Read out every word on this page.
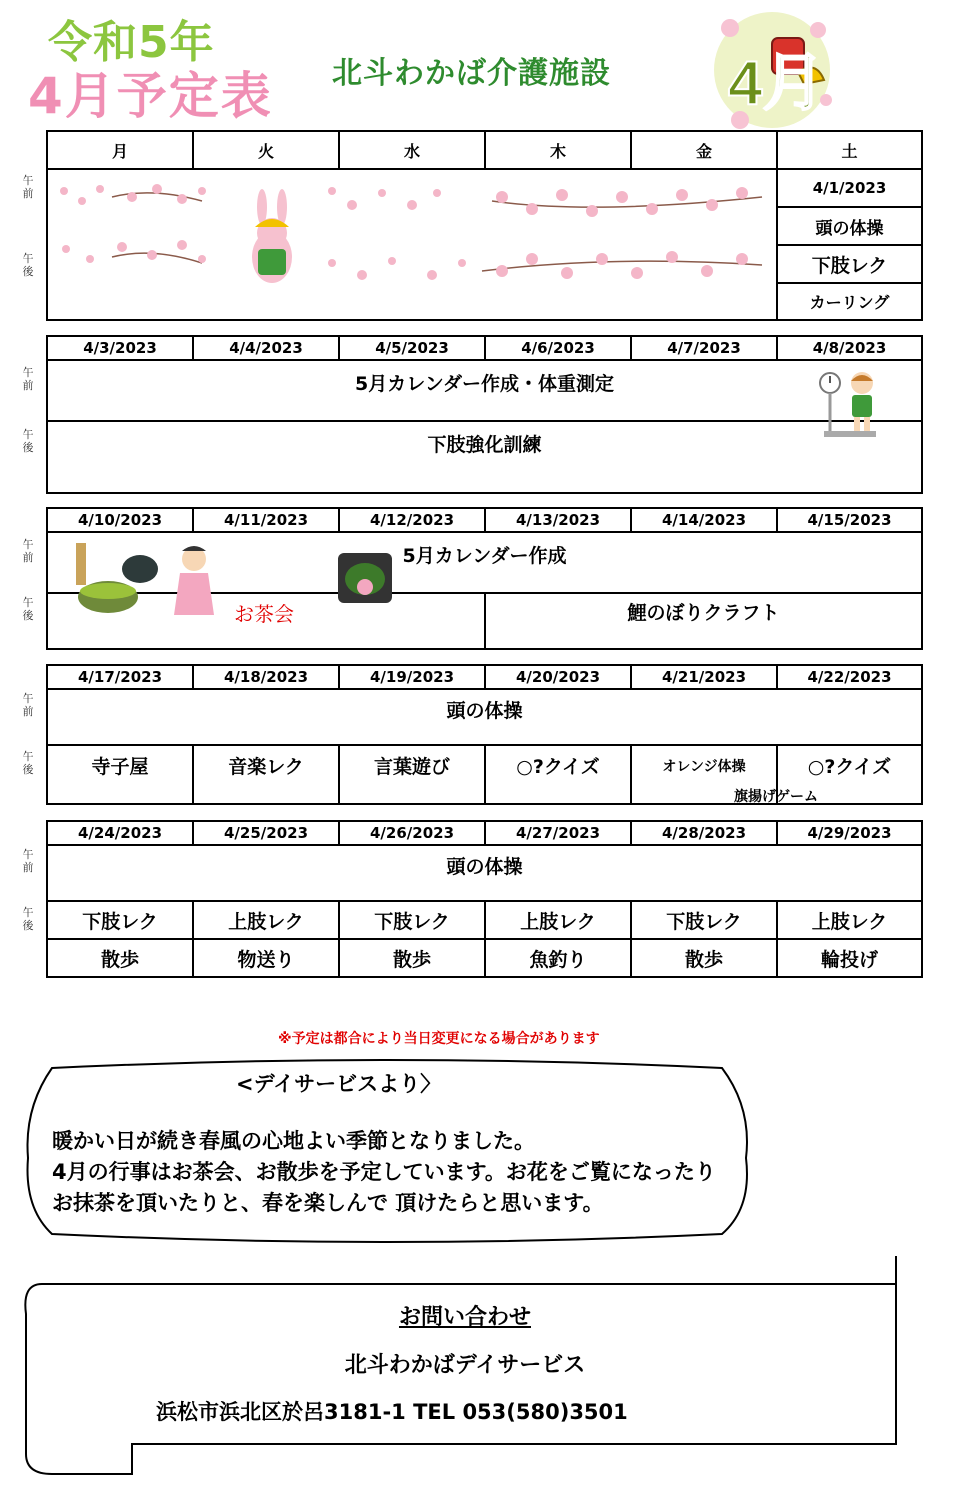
令和5年
4月予定表 北斗わかば介護施設 4月
月	火	水	木	金	土
4/1/2023
頭の体操
下肢レク
カーリング
午前
午後
4/3/2023	4/4/2023	4/5/2023	4/6/2023	4/7/2023	4/8/2023
5月カレンダー作成・体重測定
下肢強化訓練
午前
午後
4/10/2023	4/11/2023	4/12/2023	4/13/2023	4/14/2023	4/15/2023
5月カレンダー作成
お茶会	鯉のぼりクラフト
午前
午後
4/17/2023	4/18/2023	4/19/2023	4/20/2023	4/21/2023	4/22/2023
頭の体操
寺子屋	音楽レク	言葉遊び	○?クイズ	オレンジ体操	○?クイズ
旗揚げゲーム
午前
午後
4/24/2023	4/25/2023	4/26/2023	4/27/2023	4/28/2023	4/29/2023
頭の体操
下肢レク	上肢レク	下肢レク	上肢レク	下肢レク	上肢レク
散歩	物送り	散歩	魚釣り	散歩	輪投げ
午前
午後
※予定は都合により当日変更になる場合があります
<デイサービスより〉
暖かい日が続き春風の心地よい季節となりました。
4月の行事はお茶会、お散歩を予定しています。お花をご覧になったり
お抹茶を頂いたりと、春を楽しんで 頂けたらと思います。
お問い合わせ
北斗わかばデイサービス
浜松市浜北区於呂3181-1 TEL 053(580)3501
